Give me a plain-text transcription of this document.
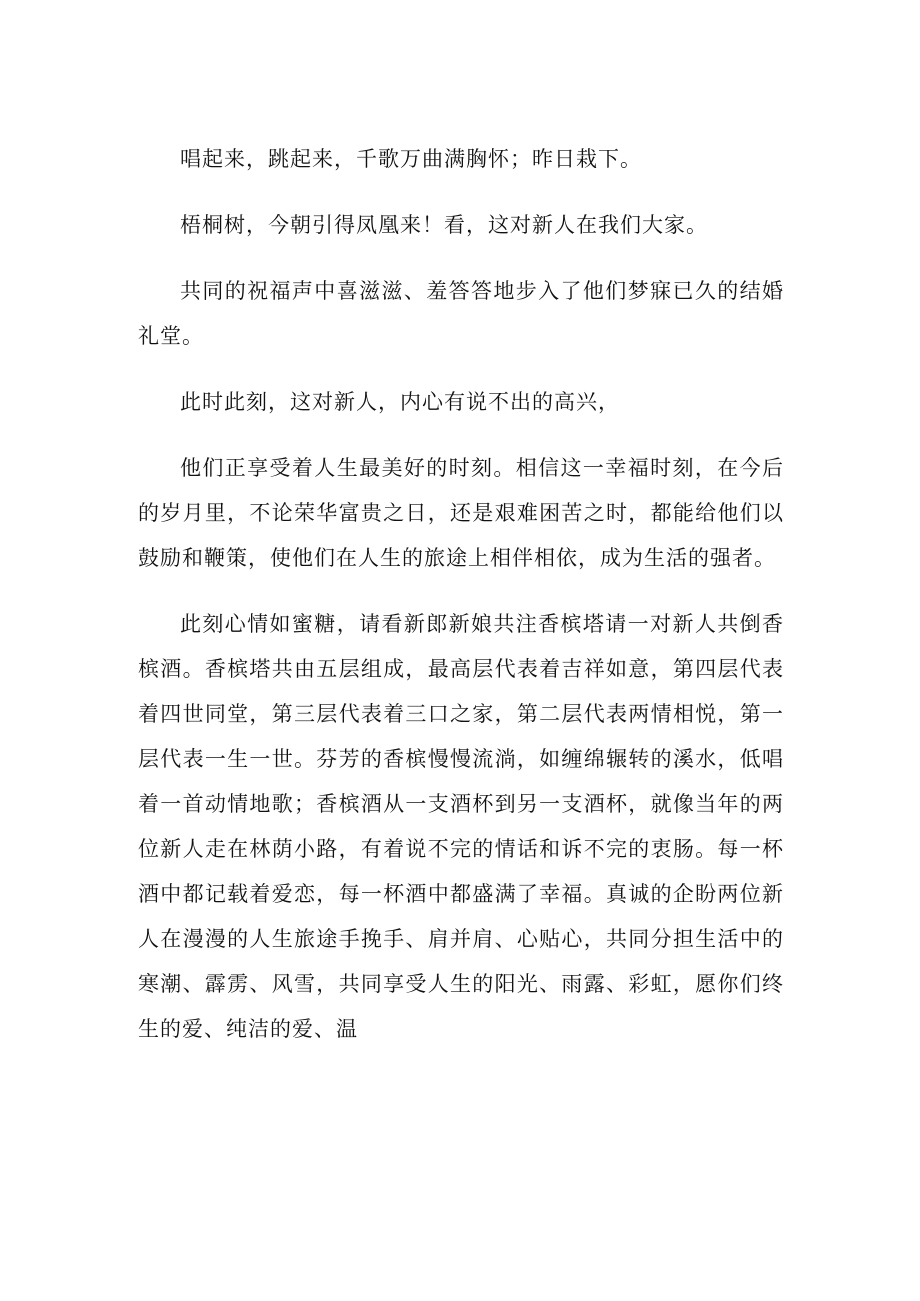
唱起来，跳起来，千歌万曲满胸怀；昨日栽下。

梧桐树，今朝引得凤凰来！看，这对新人在我们大家。

共同的祝福声中喜滋滋、羞答答地步入了他们梦寐已久的结婚礼堂。

此时此刻，这对新人，内心有说不出的高兴，

他们正享受着人生最美好的时刻。相信这一幸福时刻，在今后的岁月里，不论荣华富贵之日，还是艰难困苦之时，都能给他们以鼓励和鞭策，使他们在人生的旅途上相伴相依，成为生活的强者。

此刻心情如蜜糖，请看新郎新娘共注香槟塔请一对新人共倒香槟酒。香槟塔共由五层组成，最高层代表着吉祥如意，第四层代表着四世同堂，第三层代表着三口之家，第二层代表两情相悦，第一层代表一生一世。芬芳的香槟慢慢流淌，如缠绵辗转的溪水，低唱着一首动情地歌；香槟酒从一支酒杯到另一支酒杯，就像当年的两位新人走在林荫小路，有着说不完的情话和诉不完的衷肠。每一杯酒中都记载着爱恋，每一杯酒中都盛满了幸福。真诚的企盼两位新人在漫漫的人生旅途手挽手、肩并肩、心贴心，共同分担生活中的寒潮、霹雳、风雪，共同享受人生的阳光、雨露、彩虹，愿你们终生的爱、纯洁的爱、温
